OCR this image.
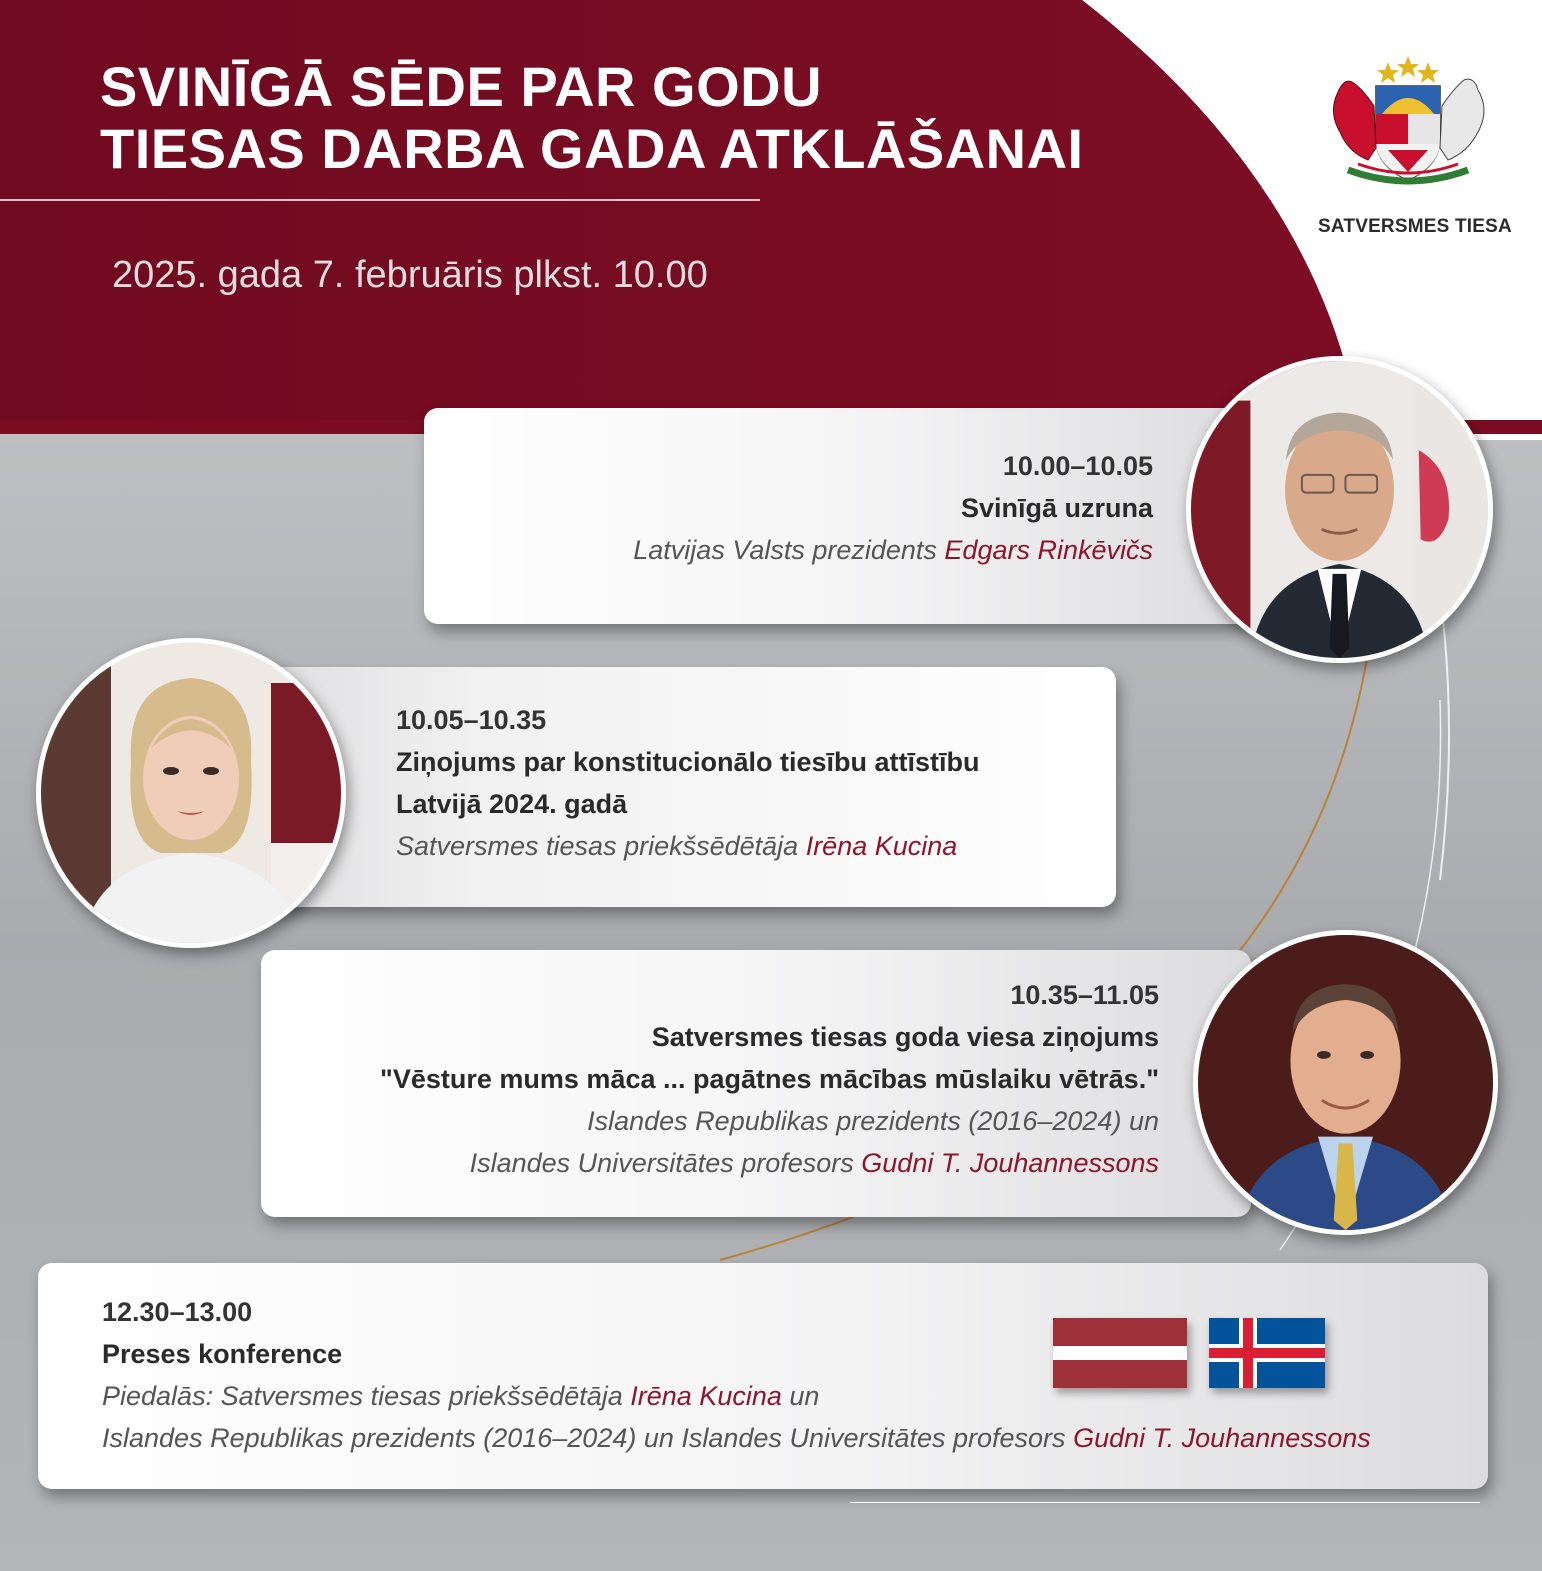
SVINĪGĀ SĒDE PAR GODU
TIESAS DARBA GADA ATKLĀŠANAI
2025. gada 7. februāris plkst. 10.00
SATVERSMES TIESA
10.00–10.05
Svinīgā uzruna
Latvijas Valsts prezidents Edgars Rinkēvičs
10.05–10.35
Ziņojums par konstitucionālo tiesību attīstību
Latvijā 2024. gadā
Satversmes tiesas priekšsēdētāja Irēna Kucina
10.35–11.05
Satversmes tiesas goda viesa ziņojums
"Vēsture mums māca ... pagātnes mācības mūslaiku vētrās."
Islandes Republikas prezidents (2016–2024) un
Islandes Universitātes profesors Gudni T. Jouhannessons
12.30–13.00
Preses konference
Piedalās: Satversmes tiesas priekšsēdētāja Irēna Kucina un
Islandes Republikas prezidents (2016–2024) un Islandes Universitātes profesors Gudni T. Jouhannessons
